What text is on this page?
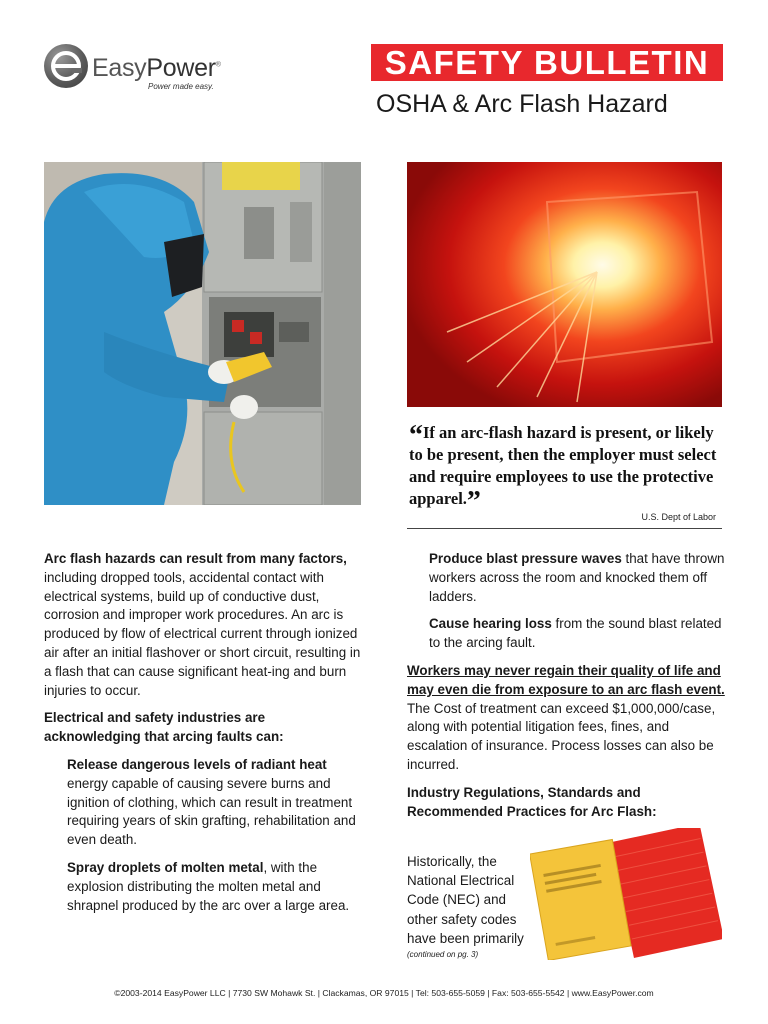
EasyPower®
Power made easy.
SAFETY BULLETIN
OSHA & Arc Flash Hazard
“If an arc-flash hazard is present, or likely to be present, then the employer must select and require employees to use the protective apparel.”	U.S. Dept of Labor

Arc flash hazards can result from many factors, including dropped tools, accidental contact with electrical systems, build up of conductive dust, corrosion and improper work procedures. An arc is produced by flow of electrical current through ionized air after an initial flashover or short circuit, resulting in a flash that can cause significant heat-ing and burn injuries to occur.

Electrical and safety industries are acknowledging that arcing faults can:

Release dangerous levels of radiant heat energy capable of causing severe burns and ignition of clothing, which can result in treatment requiring years of skin grafting, rehabilitation and even death.

Spray droplets of molten metal, with the explosion distributing the molten metal and shrapnel produced by the arc over a large area.

Produce blast pressure waves that have thrown workers across the room and knocked them off ladders.

Cause hearing loss from the sound blast related to the arcing fault.

Workers may never regain their quality of life and may even die from exposure to an arc flash event. The Cost of treatment can exceed $1,000,000/case, along with potential litigation fees, fines, and escalation of insurance. Process losses can also be incurred.

Industry Regulations, Standards and Recommended Practices for Arc Flash:

Historically, the National Electrical Code (NEC) and other safety codes have been primarily
(continued on pg. 3)
©2003-2014 EasyPower LLC | 7730 SW Mohawk St. | Clackamas, OR 97015 | Tel: 503-655-5059 | Fax: 503-655-5542 | www.EasyPower.com
